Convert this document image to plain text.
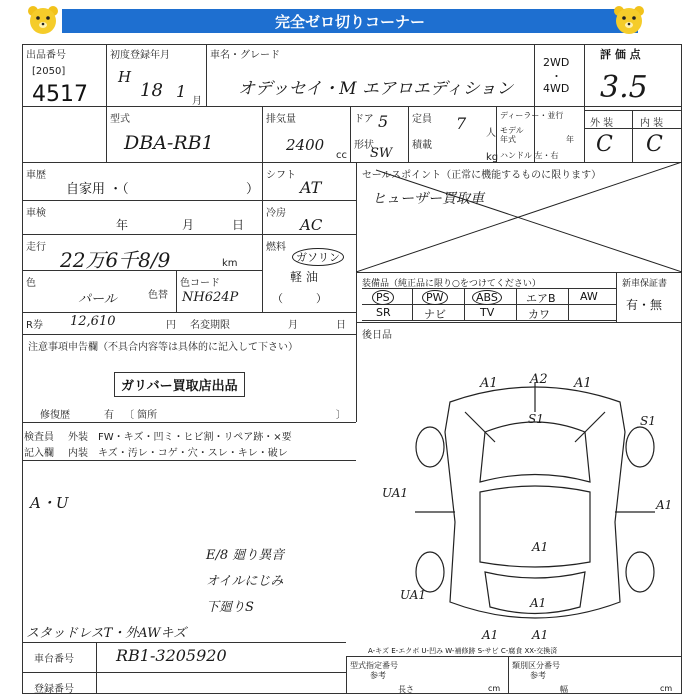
完全ゼロ切りコーナー
出品番号
[2050]
4517
初度登録年月
H
18 1
月
車名・グレード
オデッセイ・M エアロエディション
2WD
・
4WD
評 価 点
3.5
外 装	内 装
C C
型式
DBA-RB1
排気量
2400
cc
ドア 5
形状
SW
定員 7
人
積載
kg
ディーラー・並行
モデル年式	年
ハンドル 左・右
車歴
自家用 ・（	）
シフト
AT
車検
年	月	日
冷房
AC
走行
22万6千8/9	km
燃料
ガソリン
軽 油
（　　　）
色
パール	色替
色コード
NH624P
R券 12,610	円 名変期限	月	日
セールスポイント（正常に機能するものに限ります）
ヒューザー買取車
装備品（純正品に限り○をつけてください）	新車保証書
有・無
PS	PW	ABS	エアB AW
SR	ナビ	TV	カワ
後日品
注意事項申告欄（不具合内容等は具体的に記入して下さい）
ガリバー買取店出品
修復歴	有 〔 箇所	〕
検査員
記入欄
外装 FW・キズ・凹ミ・ヒビ割・リペア跡・×要
内装 キズ・汚レ・コゲ・穴・スレ・キレ・破レ
A・U
E/8 廻り異音
オイルにじみ
下廻りS
スタッドレスT・外AWキズ
A1 A2 A1
S1	S1
UA1
A1
A1
UA1
A1
A1	A1
A-キズ E-エクボ U-凹み W-補修跡 S-サビ C-腐食 XX-交換済
車台番号	RB1-3205920
登録番号
型式指定番号	類別区分番号
参考	参考
長さ	幅
cm	cm
